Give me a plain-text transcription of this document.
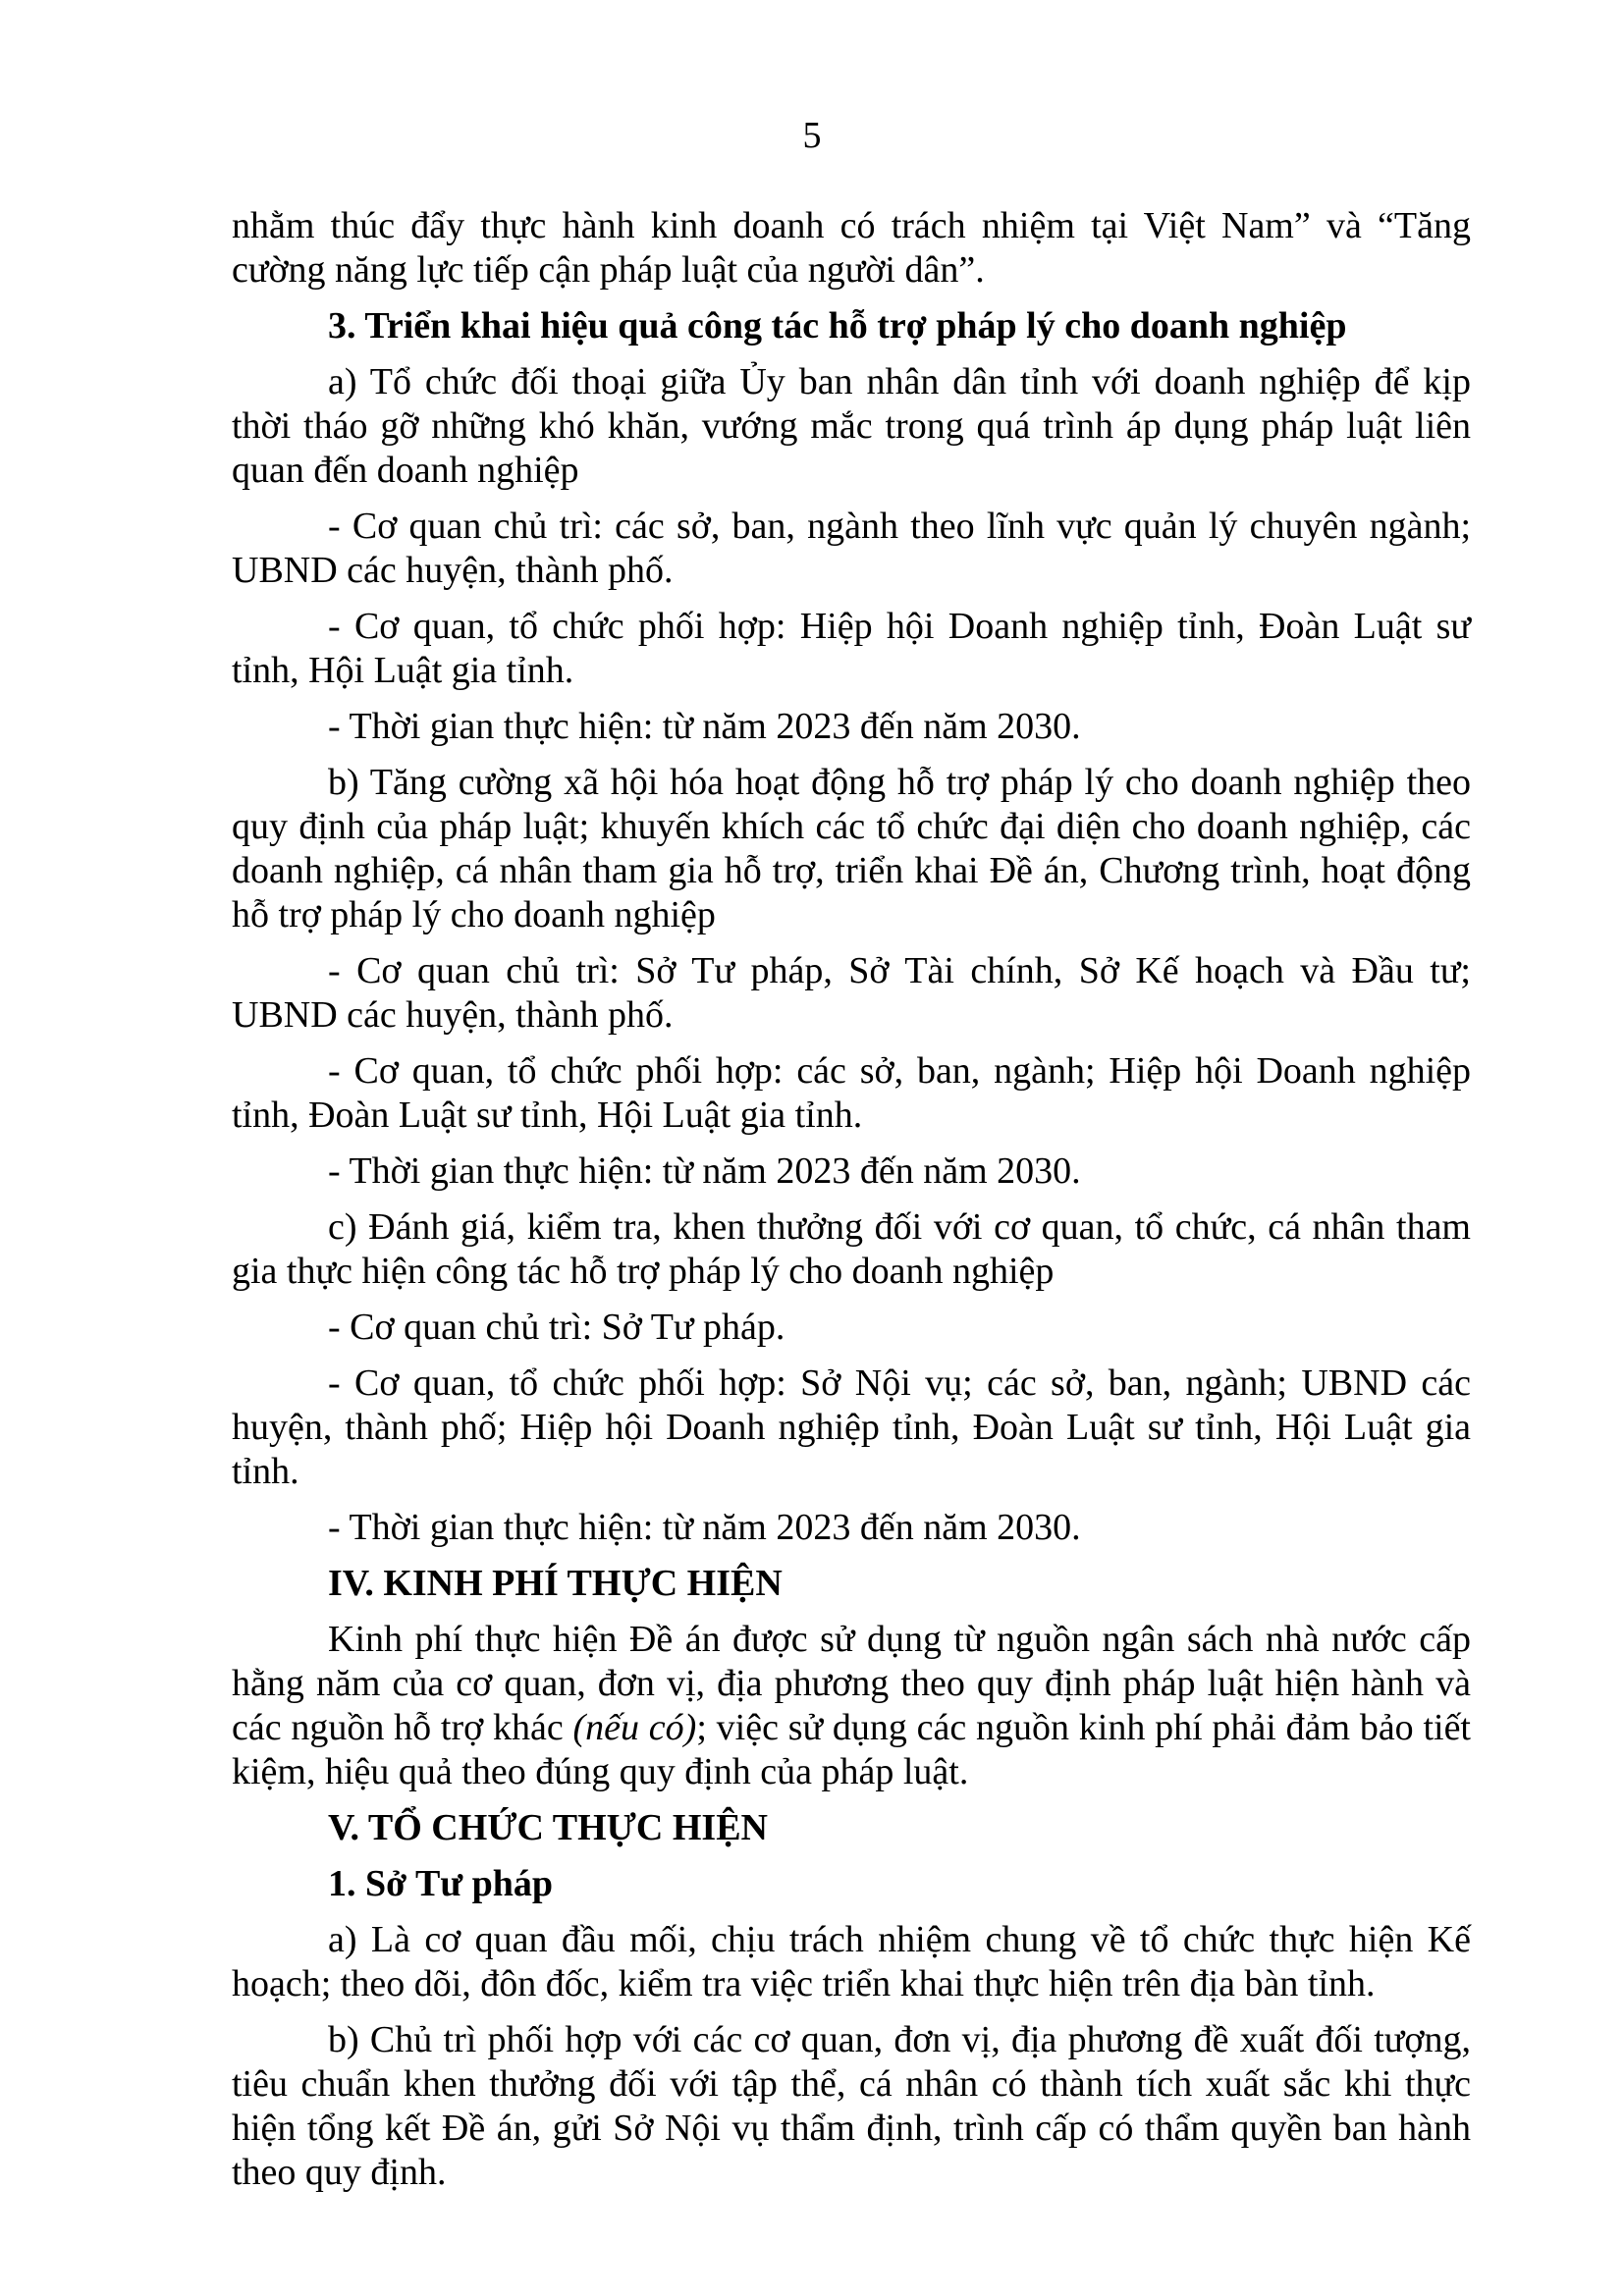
5

nhằm thúc đẩy thực hành kinh doanh có trách nhiệm tại Việt Nam” và “Tăng cường năng lực tiếp cận pháp luật của người dân”.

3. Triển khai hiệu quả công tác hỗ trợ pháp lý cho doanh nghiệp

a) Tổ chức đối thoại giữa Ủy ban nhân dân tỉnh với doanh nghiệp để kịp thời tháo gỡ những khó khăn, vướng mắc trong quá trình áp dụng pháp luật liên quan đến doanh nghiệp

- Cơ quan chủ trì: các sở, ban, ngành theo lĩnh vực quản lý chuyên ngành; UBND các huyện, thành phố.

- Cơ quan, tổ chức phối hợp: Hiệp hội Doanh nghiệp tỉnh, Đoàn Luật sư tỉnh, Hội Luật gia tỉnh.

- Thời gian thực hiện: từ năm 2023 đến năm 2030.

b) Tăng cường xã hội hóa hoạt động hỗ trợ pháp lý cho doanh nghiệp theo quy định của pháp luật; khuyến khích các tổ chức đại diện cho doanh nghiệp, các doanh nghiệp, cá nhân tham gia hỗ trợ, triển khai Đề án, Chương trình, hoạt động hỗ trợ pháp lý cho doanh nghiệp

- Cơ quan chủ trì: Sở Tư pháp, Sở Tài chính, Sở Kế hoạch và Đầu tư; UBND các huyện, thành phố.

- Cơ quan, tổ chức phối hợp: các sở, ban, ngành; Hiệp hội Doanh nghiệp tỉnh, Đoàn Luật sư tỉnh, Hội Luật gia tỉnh.

- Thời gian thực hiện: từ năm 2023 đến năm 2030.

c) Đánh giá, kiểm tra, khen thưởng đối với cơ quan, tổ chức, cá nhân tham gia thực hiện công tác hỗ trợ pháp lý cho doanh nghiệp

- Cơ quan chủ trì: Sở Tư pháp.

- Cơ quan, tổ chức phối hợp: Sở Nội vụ; các sở, ban, ngành; UBND các huyện, thành phố; Hiệp hội Doanh nghiệp tỉnh, Đoàn Luật sư tỉnh, Hội Luật gia tỉnh.

- Thời gian thực hiện: từ năm 2023 đến năm 2030.

IV. KINH PHÍ THỰC HIỆN

Kinh phí thực hiện Đề án được sử dụng từ nguồn ngân sách nhà nước cấp hằng năm của cơ quan, đơn vị, địa phương theo quy định pháp luật hiện hành và các nguồn hỗ trợ khác (nếu có); việc sử dụng các nguồn kinh phí phải đảm bảo tiết kiệm, hiệu quả theo đúng quy định của pháp luật.

V. TỔ CHỨC THỰC HIỆN

1. Sở Tư pháp

a) Là cơ quan đầu mối, chịu trách nhiệm chung về tổ chức thực hiện Kế hoạch; theo dõi, đôn đốc, kiểm tra việc triển khai thực hiện trên địa bàn tỉnh.

b) Chủ trì phối hợp với các cơ quan, đơn vị, địa phương đề xuất đối tượng, tiêu chuẩn khen thưởng đối với tập thể, cá nhân có thành tích xuất sắc khi thực hiện tổng kết Đề án, gửi Sở Nội vụ thẩm định, trình cấp có thẩm quyền ban hành theo quy định.
